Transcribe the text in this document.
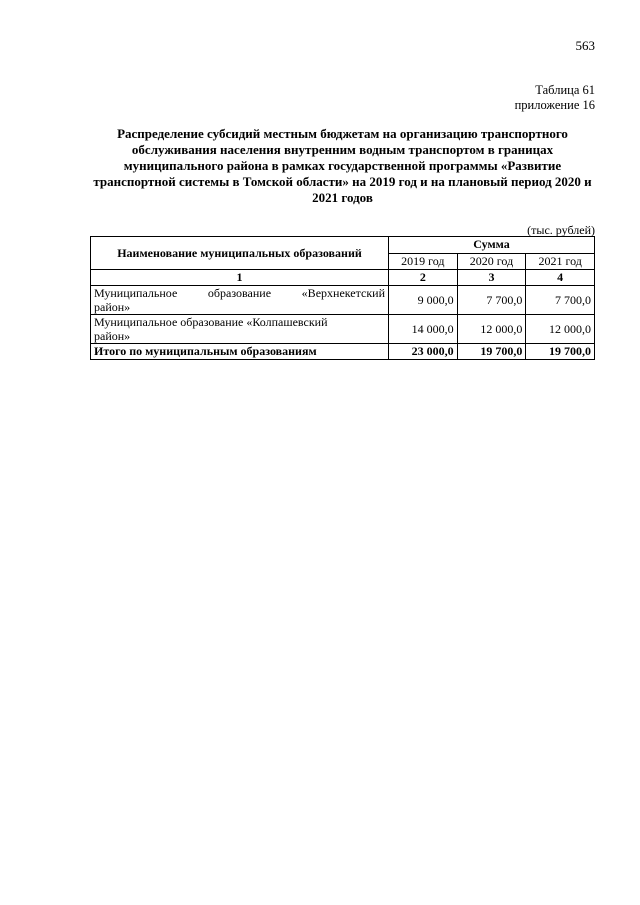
563
Таблица 61
приложение 16
Распределение субсидий местным бюджетам на организацию транспортного обслуживания населения внутренним водным транспортом в границах муниципального района в рамках государственной программы «Развитие транспортной системы в Томской области» на 2019 год и на плановый период 2020 и 2021 годов
(тыс. рублей)
Наименование муниципальных образований	Сумма		
	2019 год	2020 год	2021 год
1	2	3	4

Муниципальное образование «Верхнекетский
район»	9 000,0	7 700,0	7 700,0

Муниципальное образование «Колпашевский
район»	14 000,0	12 000,0	12 000,0
Итого по муниципальным образованиям	23 000,0	19 700,0	19 700,0
